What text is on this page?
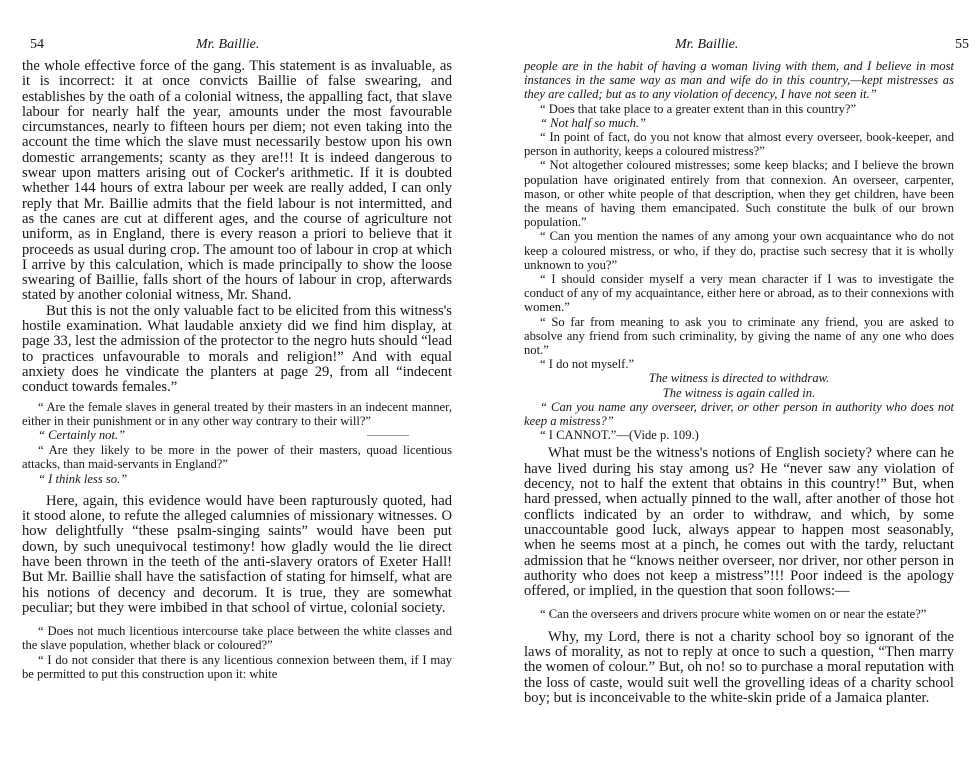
54	Mr. Baillie.

the whole effective force of the gang. This statement is as invaluable, as it is incorrect: it at once convicts Baillie of false swearing, and establishes by the oath of a colonial witness, the appalling fact, that slave labour for nearly half the year, amounts under the most favourable circumstances, nearly to fifteen hours per diem; not even taking into the account the time which the slave must necessarily bestow upon his own domestic arrangements; scanty as they are!!! It is indeed dangerous to swear upon matters arising out of Cocker's arithmetic. If it is doubted whether 144 hours of extra labour per week are really added, I can only reply that Mr. Baillie admits that the field labour is not intermitted, and as the canes are cut at different ages, and the course of agriculture not uniform, as in England, there is every reason a priori to believe that it proceeds as usual during crop. The amount too of labour in crop at which I arrive by this calculation, which is made principally to show the loose swearing of Baillie, falls short of the hours of labour in crop, afterwards stated by another colonial witness, Mr. Shand.

But this is not the only valuable fact to be elicited from this witness's hostile examination. What laudable anxiety did we find him display, at page 33, lest the admission of the protector to the negro huts should “lead to practices unfavourable to morals and religion!” And with equal anxiety does he vindicate the planters at page 29, from all “indecent conduct towards females.”

“ Are the female slaves in general treated by their masters in an indecent manner, either in their punishment or in any other way contrary to their will?”

“ Certainly not.”

“ Are they likely to be more in the power of their masters, quoad licentious attacks, than maid-servants in England?”

“ I think less so.”

Here, again, this evidence would have been rapturously quoted, had it stood alone, to refute the alleged calumnies of missionary witnesses. O how delightfully “these psalm-singing saints” would have been put down, by such unequivocal testimony! how gladly would the lie direct have been thrown in the teeth of the anti-slavery orators of Exeter Hall! But Mr. Baillie shall have the satisfaction of stating for himself, what are his notions of decency and decorum. It is true, they are somewhat peculiar; but they were imbibed in that school of virtue, colonial society.

“ Does not much licentious intercourse take place between the white classes and the slave population, whether black or coloured?”

“ I do not consider that there is any licentious connexion between them, if I may be permitted to put this construction upon it: white

Mr. Baillie.	55

people are in the habit of having a woman living with them, and I believe in most instances in the same way as man and wife do in this country,—kept mistresses as they are called; but as to any violation of decency, I have not seen it.”

“ Does that take place to a greater extent than in this country?”

“ Not half so much.”

“ In point of fact, do you not know that almost every overseer, book-keeper, and person in authority, keeps a coloured mistress?”

“ Not altogether coloured mistresses; some keep blacks; and I believe the brown population have originated entirely from that connexion. An overseer, carpenter, mason, or other white people of that description, when they get children, have been the means of having them emancipated. Such constitute the bulk of our brown population.”

“ Can you mention the names of any among your own acquaintance who do not keep a coloured mistress, or who, if they do, practise such secresy that it is wholly unknown to you?”

“ I should consider myself a very mean character if I was to investigate the conduct of any of my acquaintance, either here or abroad, as to their connexions with women.”

“ So far from meaning to ask you to criminate any friend, you are asked to absolve any friend from such criminality, by giving the name of any one who does not.”

“ I do not myself.”

The witness is directed to withdraw.

The witness is again called in.

“ Can you name any overseer, driver, or other person in authority who does not keep a mistress?”

“ I CANNOT.”—(Vide p. 109.)

What must be the witness's notions of English society? where can he have lived during his stay among us? He “never saw any violation of decency, not to half the extent that obtains in this country!” But, when hard pressed, when actually pinned to the wall, after another of those hot conflicts indicated by an order to withdraw, and which, by some unaccountable good luck, always appear to happen most seasonably, when he seems most at a pinch, he comes out with the tardy, reluctant admission that he “knows neither overseer, nor driver, nor other person in authority who does not keep a mistress”!!! Poor indeed is the apology offered, or implied, in the question that soon follows:—

“ Can the overseers and drivers procure white women on or near the estate?”

Why, my Lord, there is not a charity school boy so ignorant of the laws of morality, as not to reply at once to such a question, “Then marry the women of colour.” But, oh no! so to purchase a moral reputation with the loss of caste, would suit well the grovelling ideas of a charity school boy; but is inconceivable to the white-skin pride of a Jamaica planter.
